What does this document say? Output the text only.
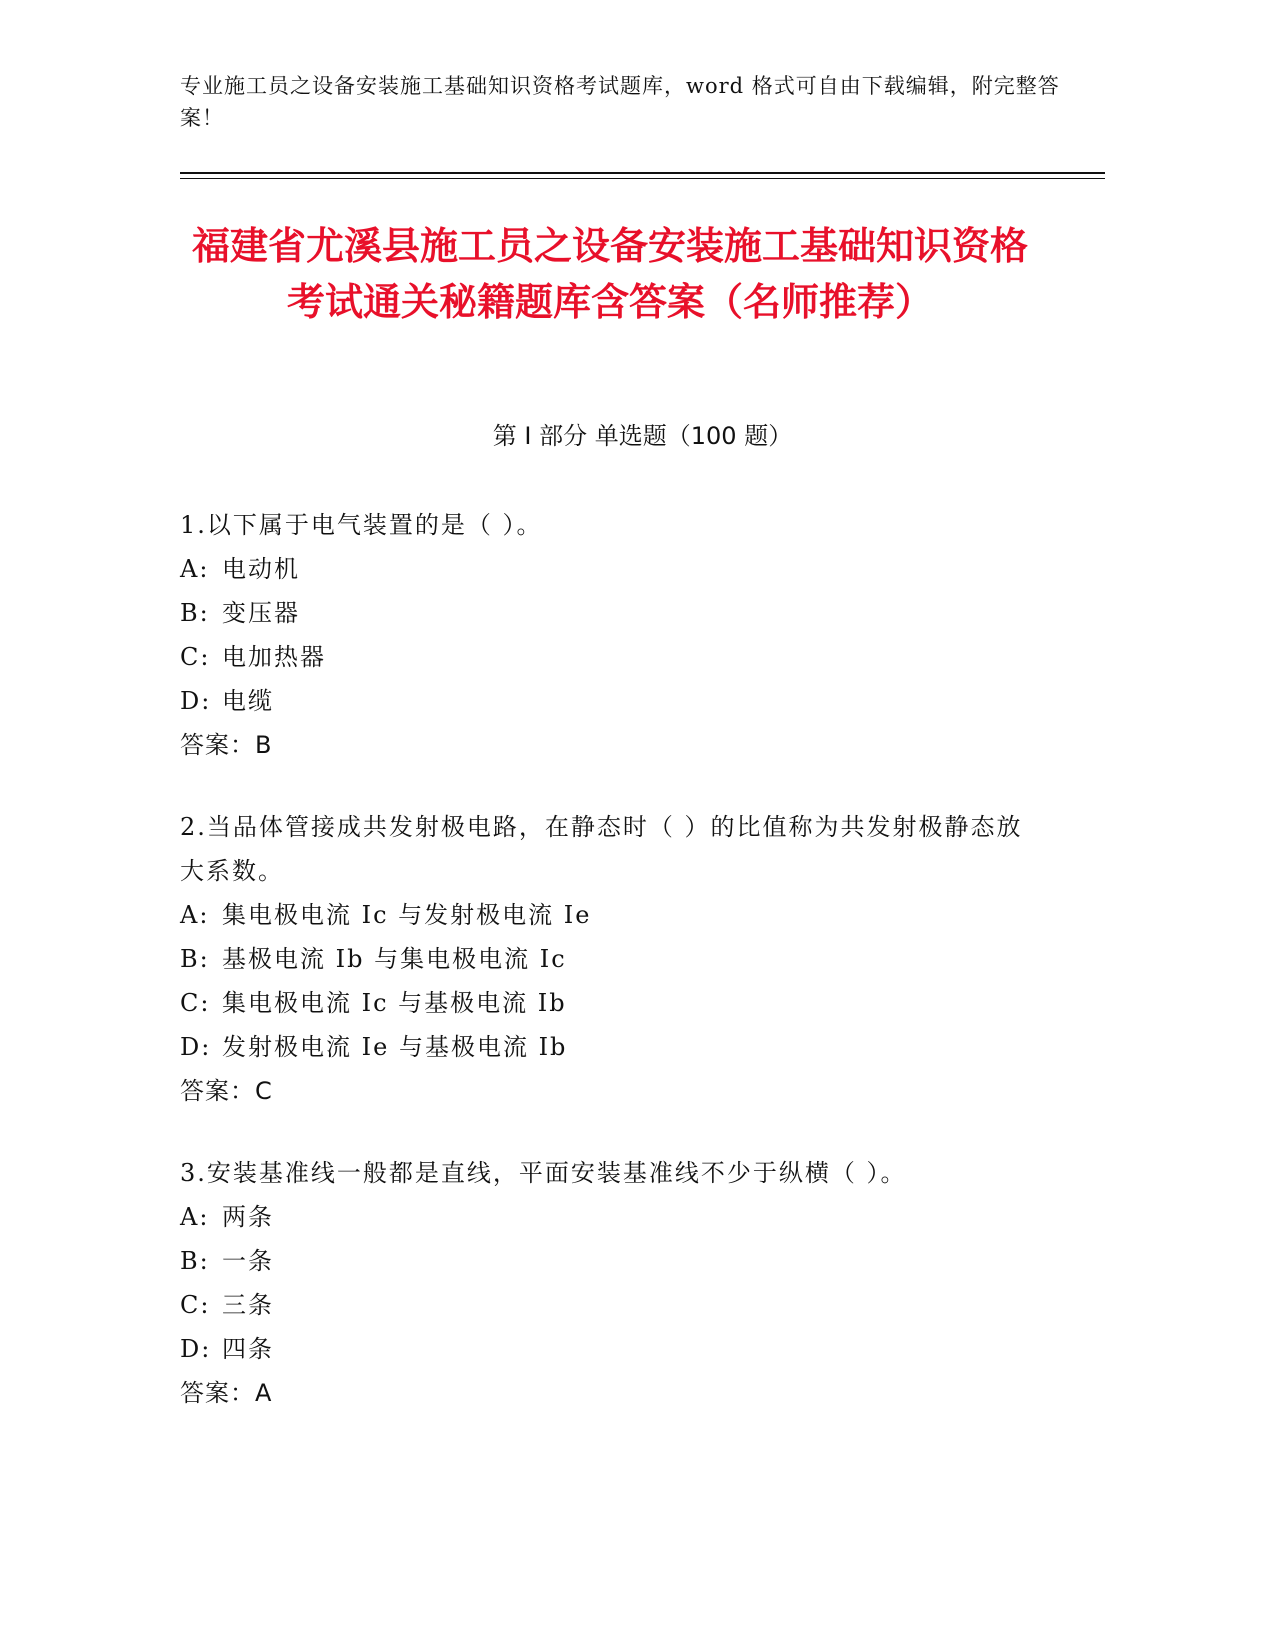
专业施工员之设备安装施工基础知识资格考试题库，word 格式可自由下载编辑，附完整答案！
福建省尤溪县施工员之设备安装施工基础知识资格考试通关秘籍题库含答案（名师推荐）
第 I 部分 单选题（100 题）
1.以下属于电气装置的是（ ）。
A: 电动机
B: 变压器
C: 电加热器
D: 电缆
答案：B
2.当品体管接成共发射极电路，在静态时（ ）的比值称为共发射极静态放大系数。
A: 集电极电流 Ic 与发射极电流 Ie
B: 基极电流 Ib 与集电极电流 Ic
C: 集电极电流 Ic 与基极电流 Ib
D: 发射极电流 Ie 与基极电流 Ib
答案：C
3.安装基准线一般都是直线，平面安装基准线不少于纵横（ ）。
A: 两条
B: 一条
C: 三条
D: 四条
答案：A
